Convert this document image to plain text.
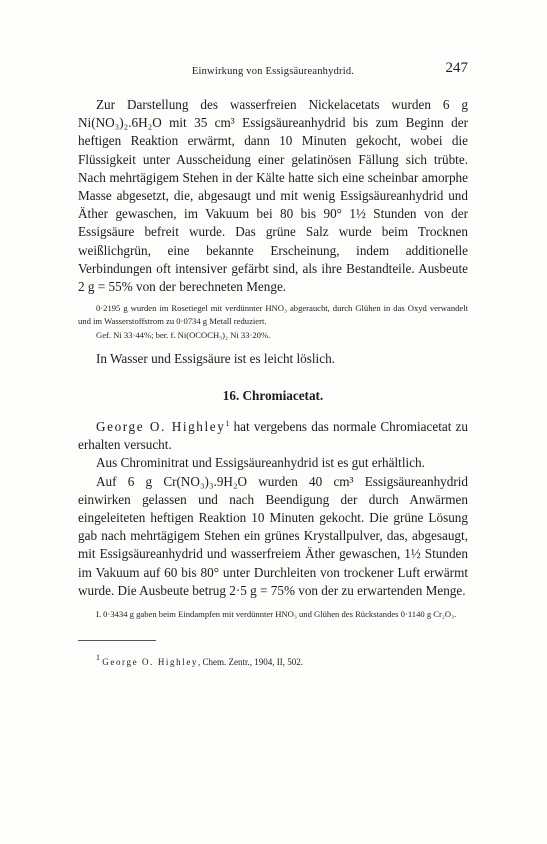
Einwirkung von Essigsäureanhydrid.	247

Zur Darstellung des wasserfreien Nickelacetats wurden 6 g Ni(NO₃)₂.6H₂O mit 35 cm³ Essigsäureanhydrid bis zum Beginn der heftigen Reaktion erwärmt, dann 10 Minuten gekocht, wobei die Flüssigkeit unter Ausscheidung einer gelatinösen Fällung sich trübte. Nach mehrtägigem Stehen in der Kälte hatte sich eine scheinbar amorphe Masse abgesetzt, die, abgesaugt und mit wenig Essigsäureanhydrid und Äther gewaschen, im Vakuum bei 80 bis 90° 1½ Stunden von der Essigsäure befreit wurde. Das grüne Salz wurde beim Trocknen weißlichgrün, eine bekannte Erscheinung, indem additionelle Verbindungen oft intensiver gefärbt sind, als ihre Bestandteile. Ausbeute 2 g = 55% von der berechneten Menge.

0·2195 g wurden im Rosetiegel mit verdünnter HNO₃ abgeraucht, durch Glühen in das Oxyd verwandelt und im Wasserstoffstrom zu 0·0734 g Metall reduziert.

Gef. Ni 33·44%; ber. f. Ni(OCOCH₃)₂ Ni 33·20%.

In Wasser und Essigsäure ist es leicht löslich.

16. Chromiacetat.

George O. Highley$^1$ hat vergebens das normale Chromiacetat zu erhalten versucht.

Aus Chrominitrat und Essigsäureanhydrid ist es gut erhältlich.

Auf 6 g Cr(NO₃)₃.9H₂O wurden 40 cm³ Essigsäureanhydrid einwirken gelassen und nach Beendigung der durch Anwärmen eingeleiteten heftigen Reaktion 10 Minuten gekocht. Die grüne Lösung gab nach mehrtägigem Stehen ein grünes Krystallpulver, das, abgesaugt, mit Essigsäureanhydrid und wasserfreiem Äther gewaschen, 1½ Stunden im Vakuum auf 60 bis 80° unter Durchleiten von trockener Luft erwärmt wurde. Die Ausbeute betrug 2·5 g = 75% von der zu erwartenden Menge.

I. 0·3434 g gaben beim Eindampfen mit verdünnter HNO₃ und Glühen des Rückstandes 0·1140 g Cr₂O₃.

$^1$ George O. Highley, Chem. Zentr., 1904, II, 502.
